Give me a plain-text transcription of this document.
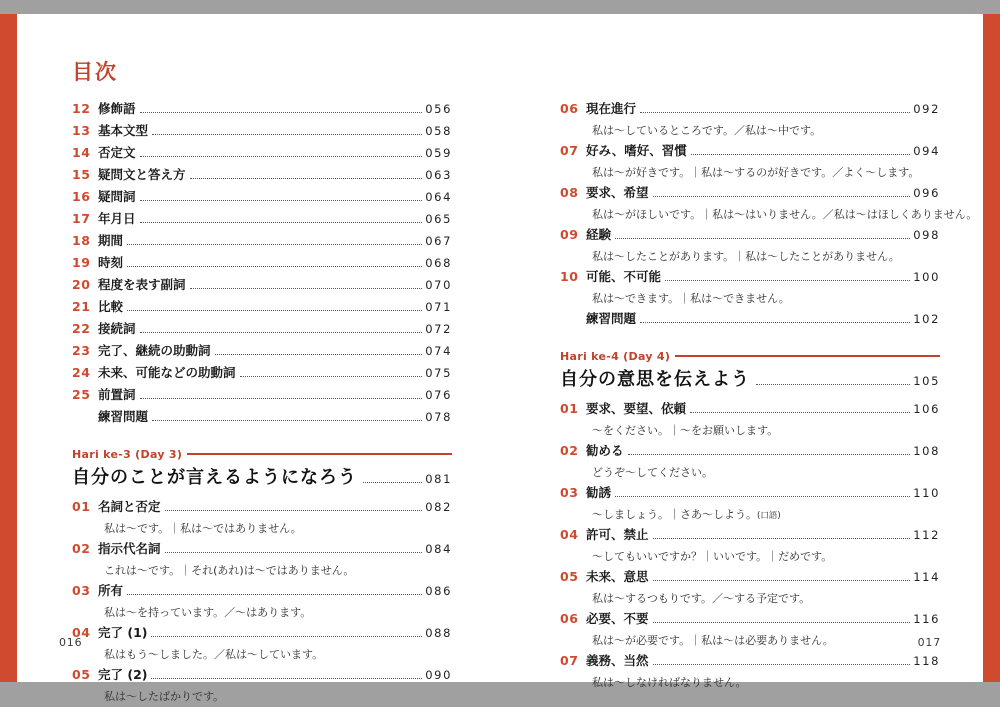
目次
12 修飾語	056
13 基本文型	058
14 否定文	059
15 疑問文と答え方	063
16 疑問詞	064
17 年月日	065
18 期間	067
19 時刻	068
20 程度を表す副詞	070
21 比較	071
22 接続詞	072
23 完了、継続の助動詞	074
24 未来、可能などの助動詞	075
25 前置詞	076
練習問題	078
Hari ke-3 (Day 3)
自分のことが言えるようになろう	081
01 名詞と否定	082
私は〜です。｜私は〜ではありません。
02 指示代名詞	084
これは〜です。｜それ(あれ)は〜ではありません。
03 所有	086
私は〜を持っています。／〜はあります。
04 完了 (1)	088
私はもう〜しました。／私は〜しています。
05 完了 (2)	090
私は〜したばかりです。
06 現在進行	092
私は〜しているところです。／私は〜中です。
07 好み、嗜好、習慣	094
私は〜が好きです。｜私は〜するのが好きです。／よく〜します。
08 要求、希望	096
私は〜がほしいです。｜私は〜はいりません。／私は〜はほしくありません。
09 経験	098
私は〜したことがあります。｜私は〜したことがありません。
10 可能、不可能	100
私は〜できます。｜私は〜できません。
練習問題	102
Hari ke-4 (Day 4)
自分の意思を伝えよう	105
01 要求、要望、依頼	106
〜をください。｜〜をお願いします。
02 勧める	108
どうぞ〜してください。
03 勧誘	110
〜しましょう。｜さあ〜しよう。(口語)
04 許可、禁止	112
〜してもいいですか？｜いいです。｜だめです。
05 未来、意思	114
私は〜するつもりです。／〜する予定です。
06 必要、不要	116
私は〜が必要です。｜私は〜は必要ありません。
07 義務、当然	118
私は〜しなければなりません。
016	017
